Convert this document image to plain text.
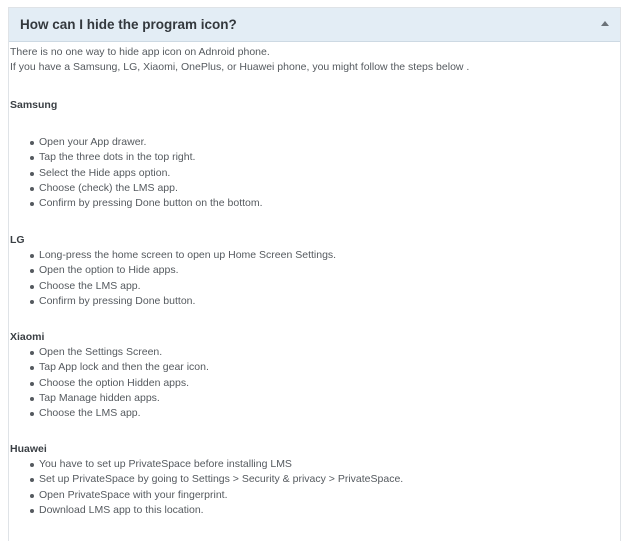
How can I hide the program icon?

There is no one way to hide app icon on Adnroid phone.

If you have a Samsung, LG, Xiaomi, OnePlus, or Huawei phone, you might follow the steps below .

Samsung
Open your App drawer.
Tap the three dots in the top right.
Select the Hide apps option.
Choose (check) the LMS app.
Confirm by pressing Done button on the bottom.
LG
Long-press the home screen to open up Home Screen Settings.
Open the option to Hide apps.
Choose the LMS app.
Confirm by pressing Done button.
Xiaomi
Open the Settings Screen.
Tap App lock and then the gear icon.
Choose the option Hidden apps.
Tap Manage hidden apps.
Choose the LMS app.
Huawei
You have to set up PrivateSpace before installing LMS
Set up PrivateSpace by going to Settings > Security & privacy > PrivateSpace.
Open PrivateSpace with your fingerprint.
Download LMS app to this location.
